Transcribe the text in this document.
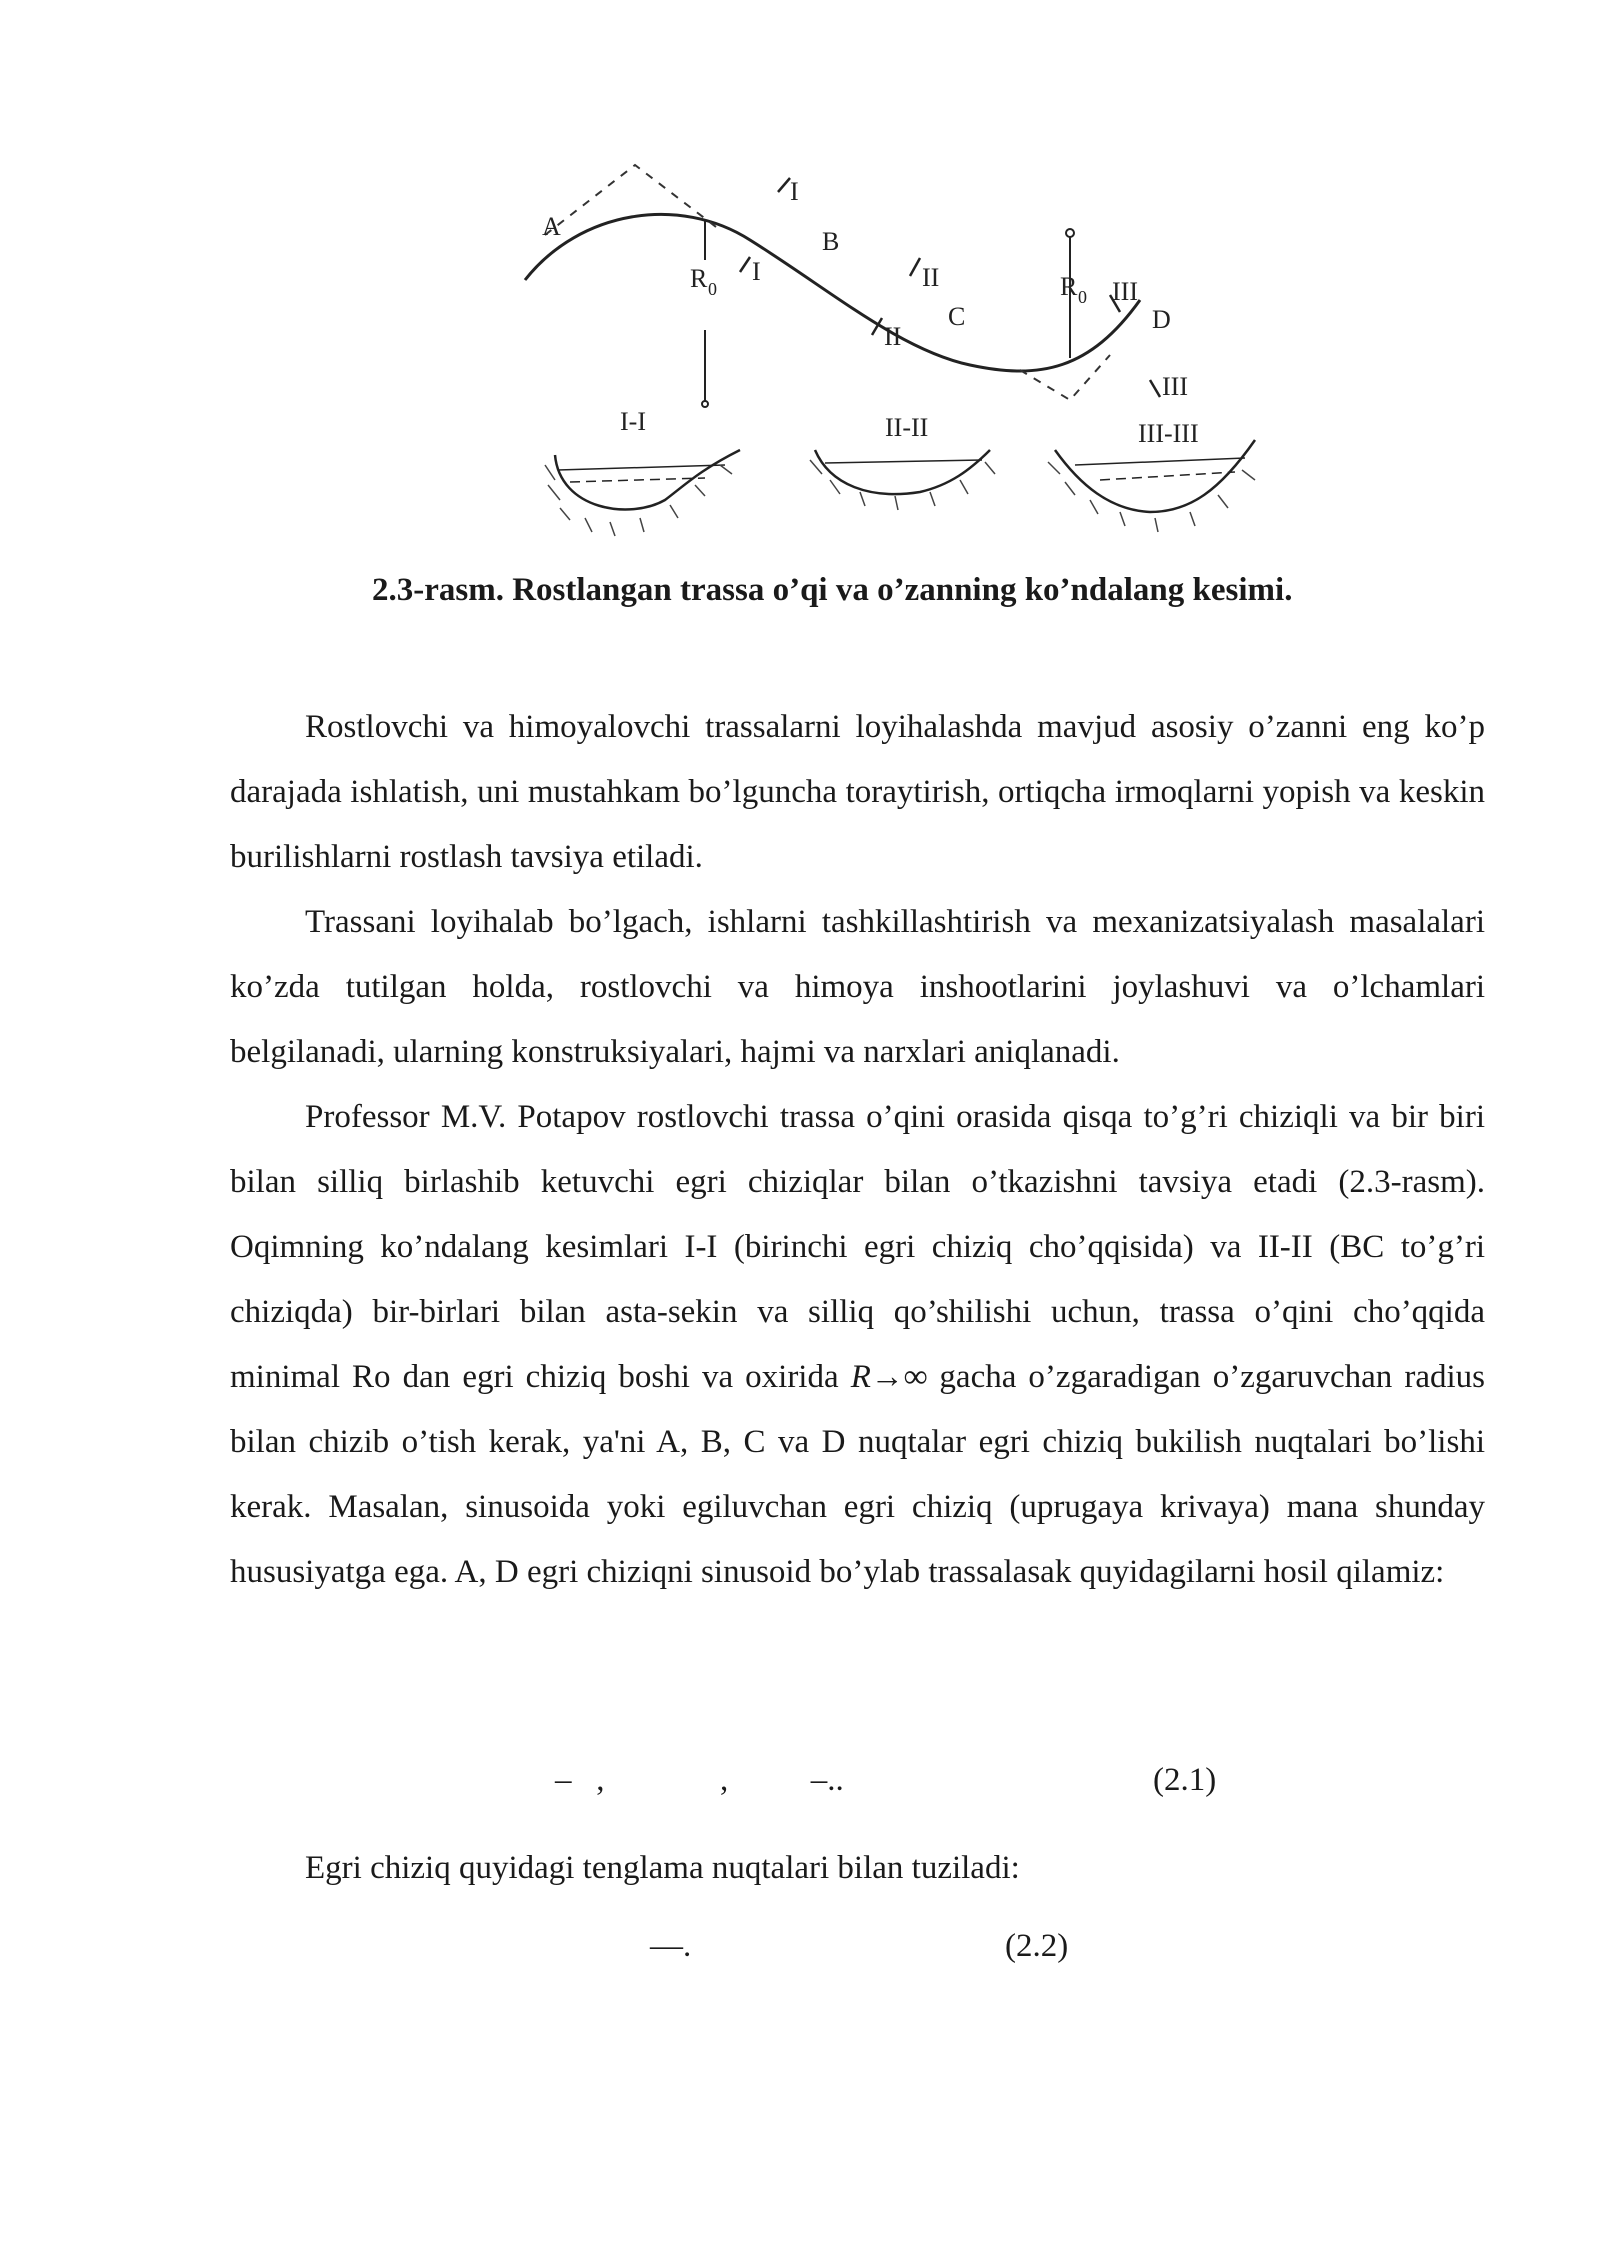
A
B
C	D
R 0	R 0
I
I	II
II
III
III
I-I	II-II	III-III
2.3-rasm. Rostlangan trassa o’qi va o’zanning ko’ndalang kesimi.

Rostlovchi va himoyalovchi trassalarni loyihalashda mavjud asosiy o’zanni eng ko’p darajada ishlatish, uni mustahkam bo’lguncha toraytirish, ortiqcha irmoqlarni yopish va keskin burilishlarni rostlash tavsiya etiladi.

Trassani loyihalab bo’lgach, ishlarni tashkillashtirish va mexanizatsiyalash masalalari ko’zda tutilgan holda, rostlovchi va himoya inshootlarini joylashuvi va o’lchamlari belgilanadi, ularning konstruksiyalari, hajmi va narxlari aniqlanadi.

Professor M.V. Potapov rostlovchi trassa o’qini orasida qisqa to’g’ri chiziqli va bir biri bilan silliq birlashib ketuvchi egri chiziqlar bilan o’tkazishni tavsiya etadi (2.3-rasm). Oqimning ko’ndalang kesimlari I-I (birinchi egri chiziq cho’qqisida) va II-II (BC to’g’ri chiziqda) bir-birlari bilan asta-sekin va silliq qo’shilishi uchun, trassa o’qini cho’qqida minimal Ro dan egri chiziq boshi va oxirida R→∞ gacha o’zgaradigan o’zgaruvchan radius bilan chizib o’tish kerak, ya'ni A, B, C va D nuqtalar egri chiziq bukilish nuqtalari bo’lishi kerak. Masalan, sinusoida yoki egiluvchan egri chiziq (uprugaya krivaya) mana shunday hususiyatga ega. A, D egri chiziqni sinusoid bo’ylab trassalasak quyidagilarni hosil qilamiz:

–   ,              ,          –..	(2.1)
Egri chiziq quyidagi tenglama nuqtalari bilan tuziladi:
—.	(2.2)
